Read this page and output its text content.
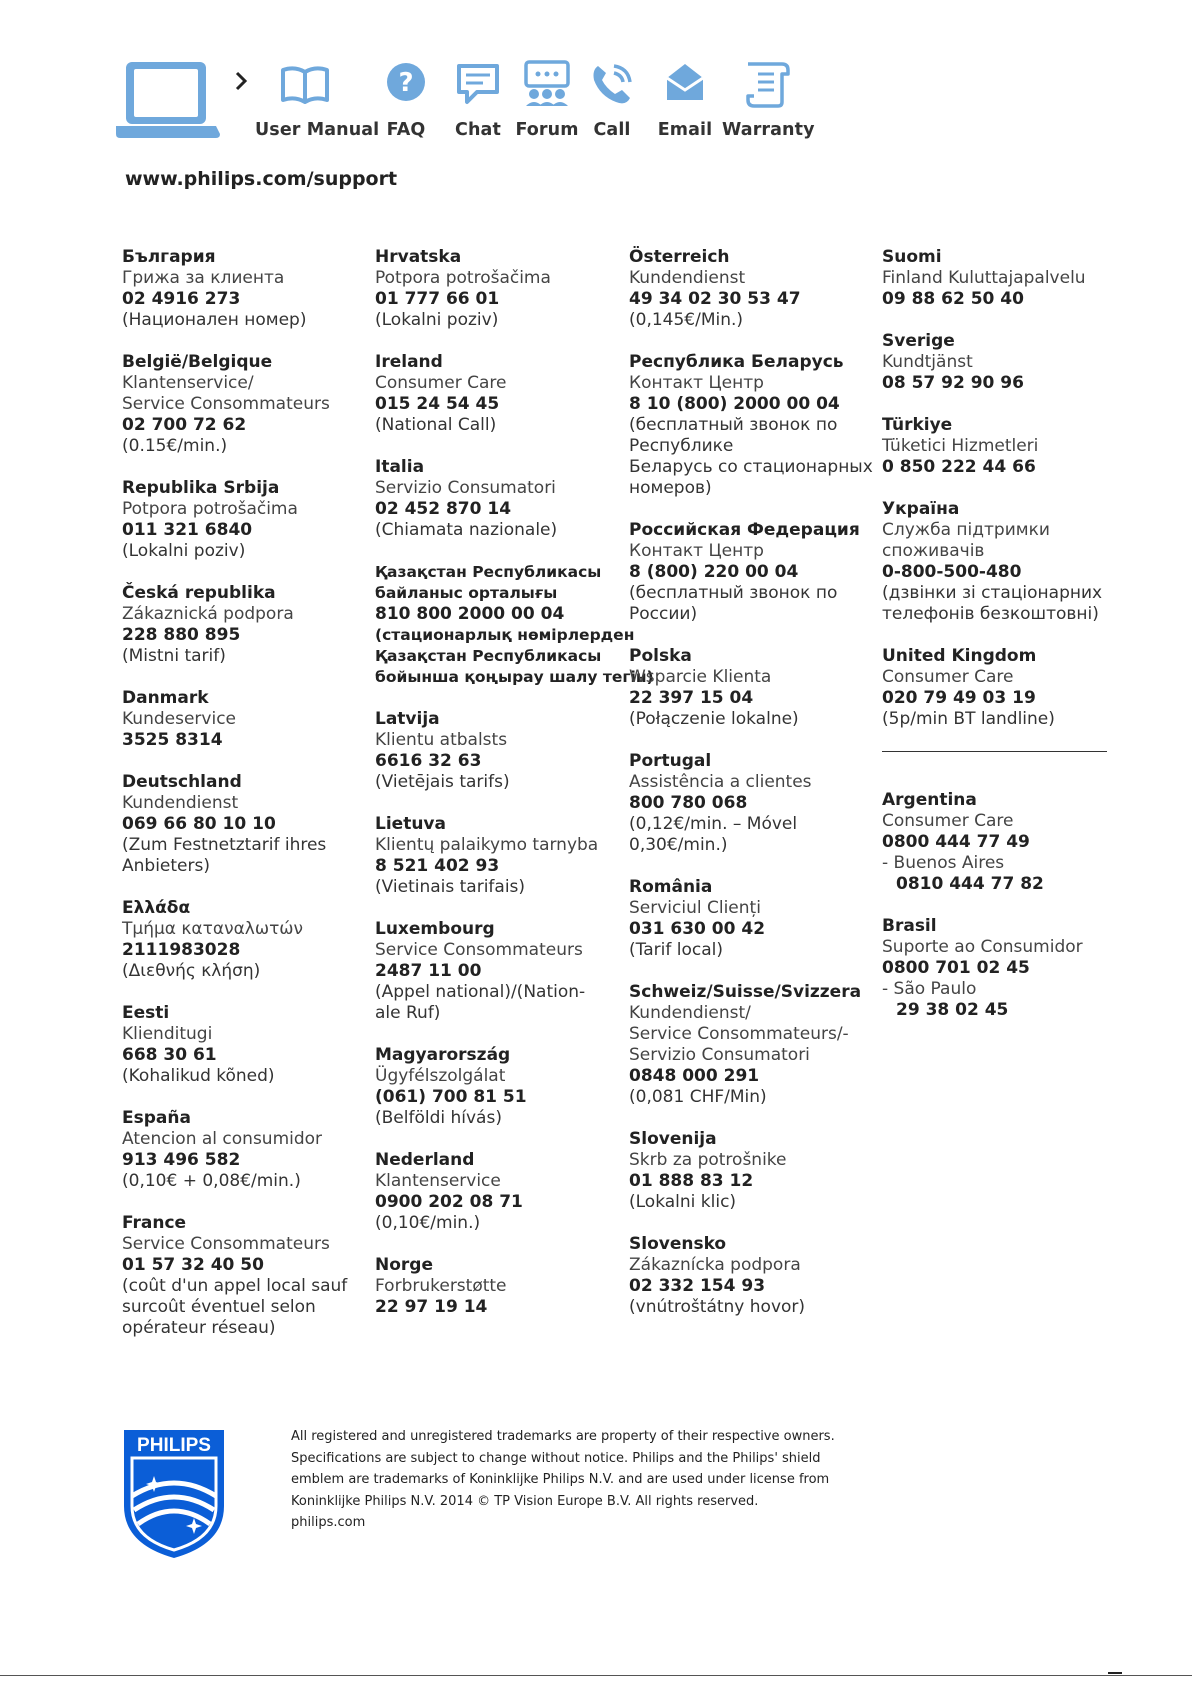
User Manual
?
FAQ	Chat Forum Call	Email Warranty
www.philips.com/support
България
Грижа за клиента
02 4916 273
(Национален номер)
België/Belgique
Klantenservice/
Service Consommateurs
02 700 72 62
(0.15€/min.)
Republika Srbija
Potpora potrošačima
011 321 6840
(Lokalni poziv)
Česká republika
Zákaznická podpora
228 880 895
(Mistni tarif)
Danmark
Kundeservice
3525 8314
Deutschland
Kundendienst
069 66 80 10 10
(Zum Festnetztarif ihres
Anbieters)
Ελλάδα
Τμήμα καταναλωτών
2111983028
(Διεθνής κλήση)
Eesti
Klienditugi
668 30 61
(Kohalikud kõned)
España
Atencion al consumidor
913 496 582
(0,10€ + 0,08€/min.)
France
Service Consommateurs
01 57 32 40 50
(coût d'un appel local sauf
surcoût éventuel selon
opérateur réseau)
Hrvatska
Potpora potrošačima
01 777 66 01
(Lokalni poziv)
Ireland
Consumer Care
015 24 54 45
(National Call)
Italia
Servizio Consumatori
02 452 870 14
(Chiamata nazionale)
Қазақстан Республикасы
байланыс орталығы
810 800 2000 00 04
(стационарлық нөмірлерден
Қазақстан Республикасы
бойынша қоңырау шалу тегін)
Latvija
Klientu atbalsts
6616 32 63
(Vietējais tarifs)
Lietuva
Klientų palaikymo tarnyba
8 521 402 93
(Vietinais tarifais)
Luxembourg
Service Consommateurs
2487 11 00
(Appel national)/(Nation-
ale Ruf)
Magyarország
Ügyfélszolgálat
(061) 700 81 51
(Belföldi hívás)
Nederland
Klantenservice
0900 202 08 71
(0,10€/min.)
Norge
Forbrukerstøtte
22 97 19 14
Österreich
Kundendienst
49 34 02 30 53 47
(0,145€/Min.)
Республика Беларусь
Контакт Центр
8 10 (800) 2000 00 04
(бесплатный звонок по
Республике
Беларусь со стационарных
номеров)
Российская Федерация
Контакт Центр
8 (800) 220 00 04
(бесплатный звонок по
России)
Polska
Wsparcie Klienta
22 397 15 04
(Połączenie lokalne)
Portugal
Assistência a clientes
800 780 068
(0,12€/min. – Móvel
0,30€/min.)
România
Serviciul Clienți
031 630 00 42
(Tarif local)
Schweiz/Suisse/Svizzera
Kundendienst/
Service Consommateurs/-
Servizio Consumatori
0848 000 291
(0,081 CHF/Min)
Slovenija
Skrb za potrošnike
01 888 83 12
(Lokalni klic)
Slovensko
Zákaznícka podpora
02 332 154 93
(vnútroštátny hovor)
Suomi
Finland Kuluttajapalvelu
09 88 62 50 40
Sverige
Kundtjänst
08 57 92 90 96
Türkiye
Tüketici Hizmetleri
0 850 222 44 66
Україна
Служба підтримки
споживачів
0-800-500-480
(дзвінки зі стаціонарних
телефонів безкоштовні)
United Kingdom
Consumer Care
020 79 49 03 19
(5p/min BT landline)
Argentina
Consumer Care
0800 444 77 49
- Buenos Aires
0810 444 77 82
Brasil
Suporte ao Consumidor
0800 701 02 45
- São Paulo
29 38 02 45
PHILIPS	All registered and unregistered trademarks are property of their respective owners.
Specifications are subject to change without notice. Philips and the Philips' shield
emblem are trademarks of Koninklijke Philips N.V. and are used under license from
Koninklijke Philips N.V. 2014 © TP Vision Europe B.V. All rights reserved.
philips.com
